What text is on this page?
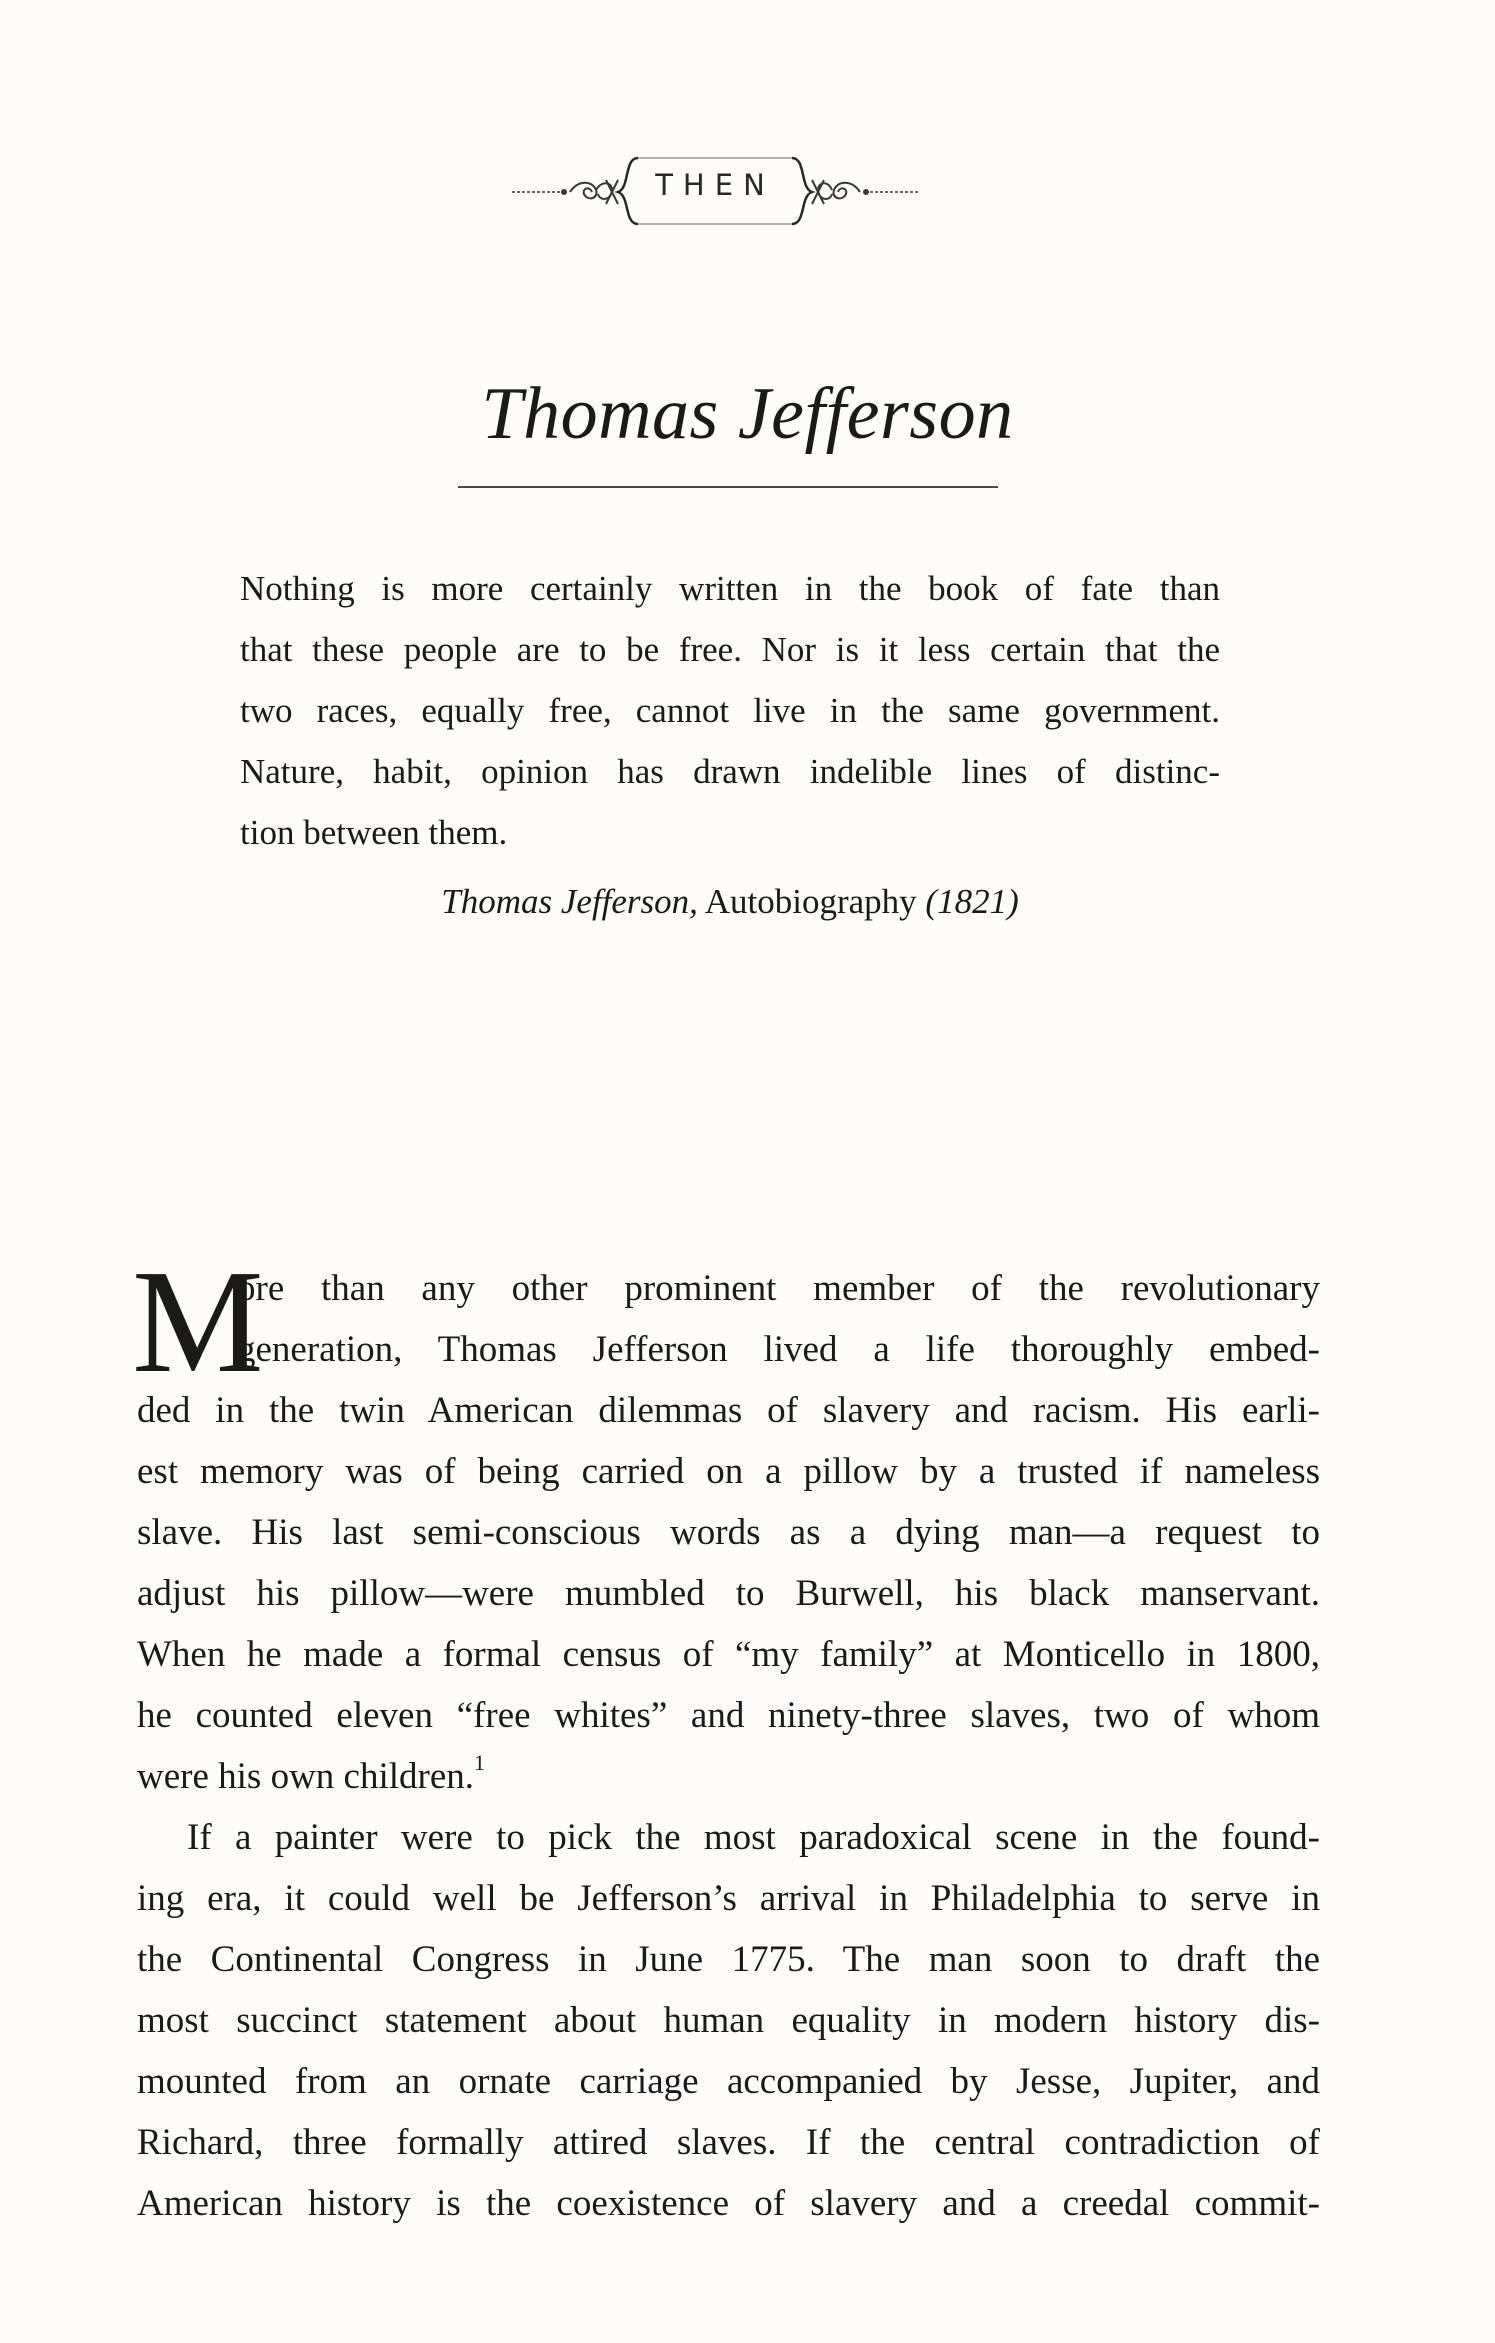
THEN
Thomas Jefferson
Nothing is more certainly written in the book of fate than
that these people are to be free. Nor is it less certain that the
two races, equally free, cannot live in the same government.
Nature, habit, opinion has drawn indelible lines of distinc-
tion between them.
Thomas Jefferson, Autobiography (1821)
M
ore than any other prominent member of the revolutionary
generation, Thomas Jefferson lived a life thoroughly embed-
ded in the twin American dilemmas of slavery and racism. His earli-
est memory was of being carried on a pillow by a trusted if nameless
slave. His last semi-conscious words as a dying man—a request to
adjust his pillow—were mumbled to Burwell, his black manservant.
When he made a formal census of “my family” at Monticello in 1800,
he counted eleven “free whites” and ninety-three slaves, two of whom
were his own children.$^1$
If a painter were to pick the most paradoxical scene in the found-
ing era, it could well be Jefferson’s arrival in Philadelphia to serve in
the Continental Congress in June 1775. The man soon to draft the
most succinct statement about human equality in modern history dis-
mounted from an ornate carriage accompanied by Jesse, Jupiter, and
Richard, three formally attired slaves. If the central contradiction of
American history is the coexistence of slavery and a creedal commit-
